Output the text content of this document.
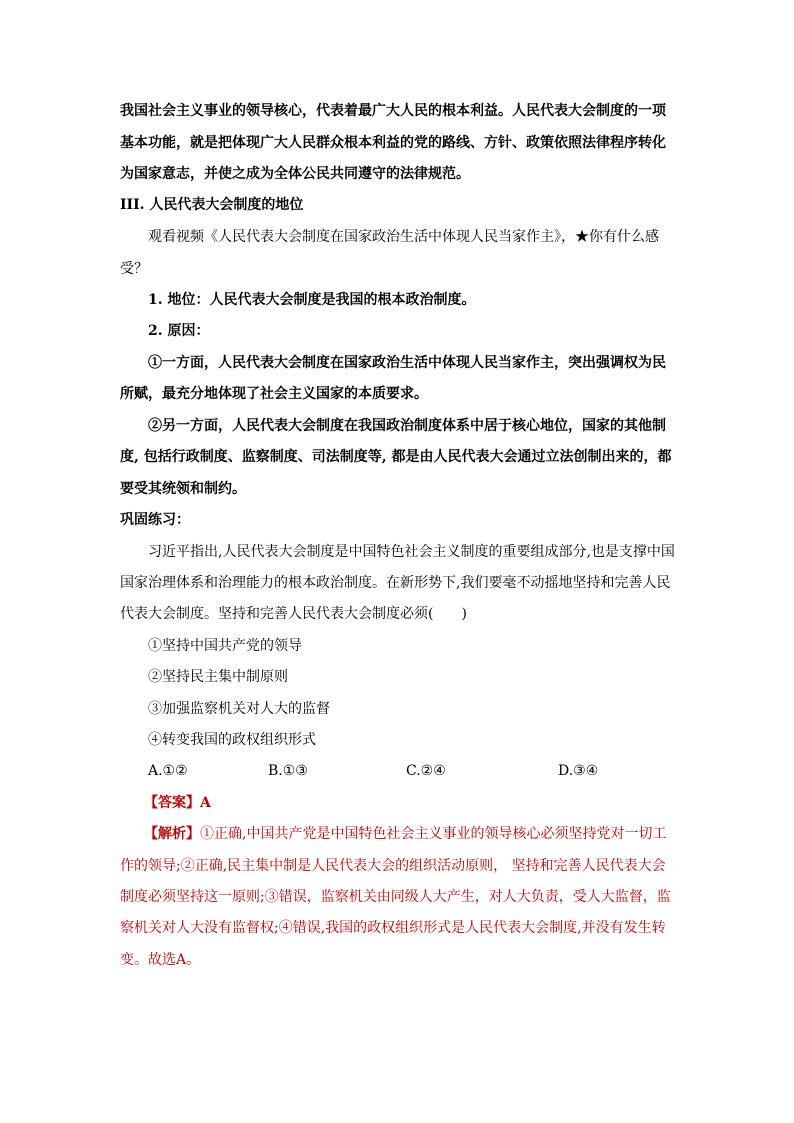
我国社会主义事业的领导核心，代表着最广大人民的根本利益。人民代表大会制度的一项

基本功能，就是把体现广大人民群众根本利益的党的路线、方针、政策依照法律程序转化

为国家意志，并使之成为全体公民共同遵守的法律规范。

III. 人民代表大会制度的地位

观看视频《人民代表大会制度在国家政治生活中体现人民当家作主》，★你有什么感

受？

1. 地位：人民代表大会制度是我国的根本政治制度。

2. 原因：

①一方面，人民代表大会制度在国家政治生活中体现人民当家作主，突出强调权为民

所赋，最充分地体现了社会主义国家的本质要求。

②另一方面，人民代表大会制度在我国政治制度体系中居于核心地位，国家的其他制

度, 包括行政制度、监察制度、司法制度等, 都是由人民代表大会通过立法创制出来的，都

要受其统领和制约。

巩固练习：

习近平指出,人民代表大会制度是中国特色社会主义制度的重要组成部分,也是支撑中国

国家治理体系和治理能力的根本政治制度。在新形势下,我们要毫不动摇地坚持和完善人民

代表大会制度。坚持和完善人民代表大会制度必须(　　)

①坚持中国共产党的领导

②坚持民主集中制原则

③加强监察机关对人大的监督

④转变我国的政权组织形式

A.①②	B.①③	C.②④	D.③④

【答案】A

【解析】①正确,中国共产党是中国特色社会主义事业的领导核心必须坚持党对一切工

作的领导;②正确,民主集中制是人民代表大会的组织活动原则， 坚持和完善人民代表大会

制度必须坚持这一原则;③错误，监察机关由同级人大产生，对人大负责，受人大监督，监

察机关对人大没有监督权;④错误,我国的政权组织形式是人民代表大会制度,并没有发生转

变。故选A。
